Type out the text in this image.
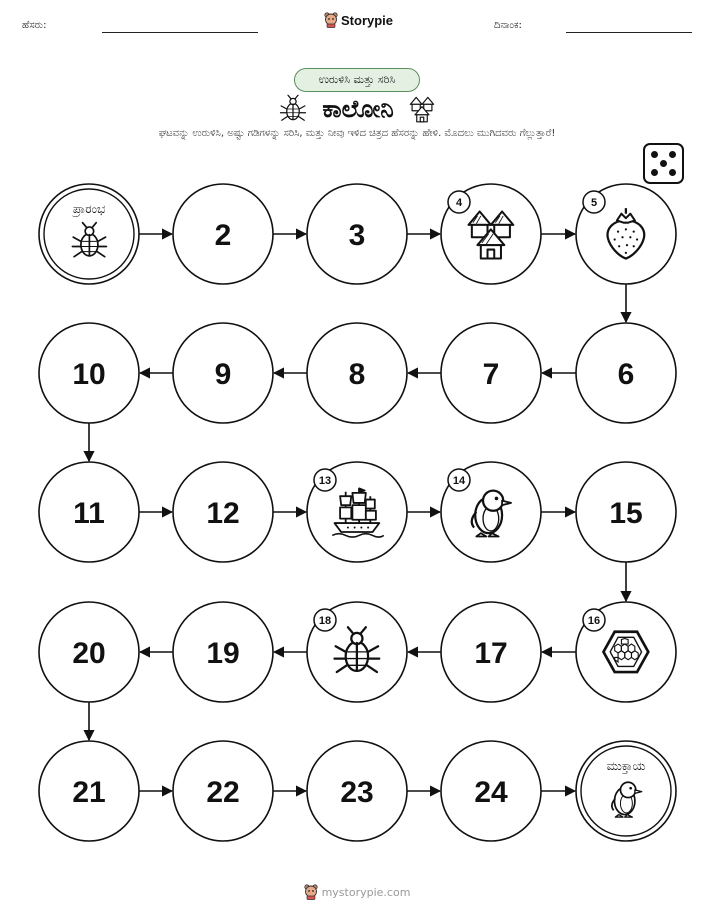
ಹೆಸರು:	Storypie	ದಿನಾಂಕ:
ಉರುಳಿಸಿ ಮತ್ತು ಸರಿಸಿ
ಕಾಲೋನಿ
ಘಟವನ್ನು ಉರುಳಿಸಿ, ಅಷ್ಟು ಗಡಿಗಳನ್ನು ಸರಿಸಿ, ಮತ್ತು ನೀವು ಇಳಿದ ಚಿತ್ರದ ಹೆಸರನ್ನು ಹೇಳಿ. ಮೊದಲು ಮುಗಿದವರು ಗೆಲ್ಲುತ್ತಾರೆ!
ಪ್ರಾರಂಭ
2	3
4	5
6
7
8
9
10
11	12
13	14
15
16
17
18
19
20
21	22	23	24
ಮುಕ್ತಾಯ
mystorypie.com
